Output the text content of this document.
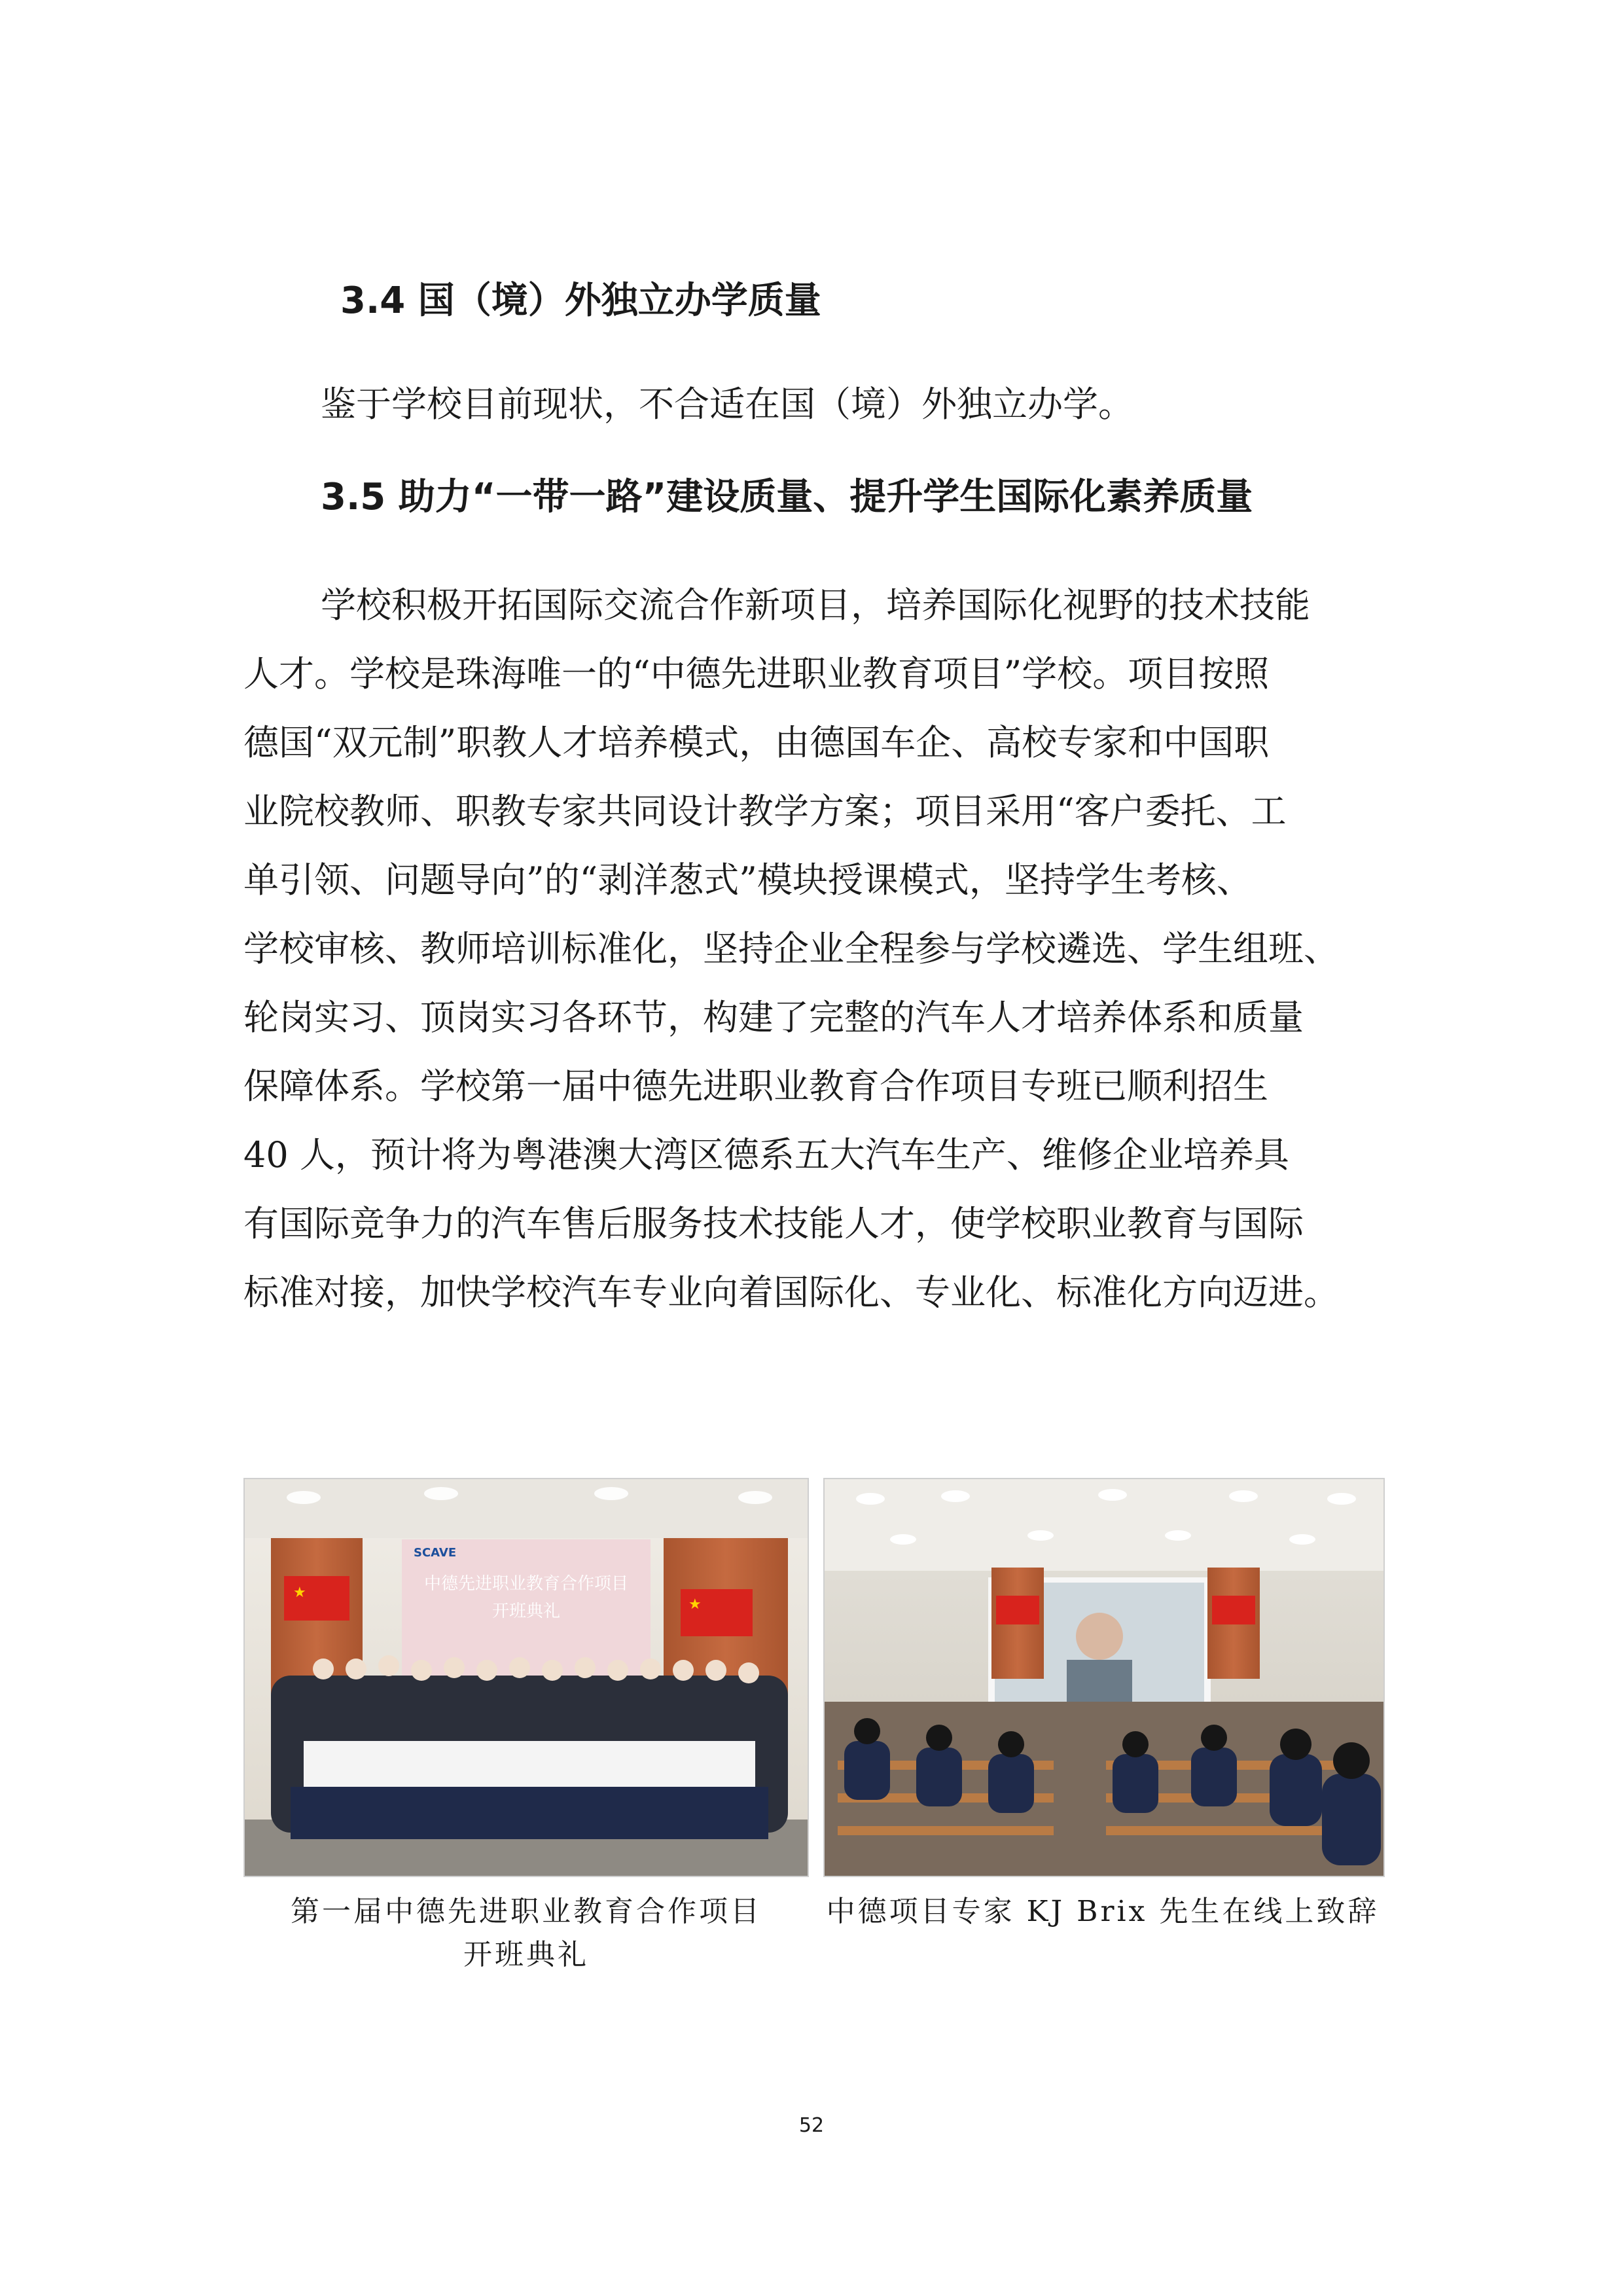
3.4 国（境）外独立办学质量
鉴于学校目前现状，不合适在国（境）外独立办学。
3.5 助力“一带一路”建设质量、提升学生国际化素养质量
学校积极开拓国际交流合作新项目，培养国际化视野的技术技能
人才。学校是珠海唯一的“中德先进职业教育项目”学校。项目按照
德国“双元制”职教人才培养模式，由德国车企、高校专家和中国职
业院校教师、职教专家共同设计教学方案；项目采用“客户委托、工
单引领、问题导向”的“剥洋葱式”模块授课模式，坚持学生考核、
学校审核、教师培训标准化，坚持企业全程参与学校遴选、学生组班、
轮岗实习、顶岗实习各环节，构建了完整的汽车人才培养体系和质量
保障体系。学校第一届中德先进职业教育合作项目专班已顺利招生
40 人，预计将为粤港澳大湾区德系五大汽车生产、维修企业培养具
有国际竞争力的汽车售后服务技术技能人才，使学校职业教育与国际
标准对接，加快学校汽车专业向着国际化、专业化、标准化方向迈进。
★
★
SCAVE
中德先进职业教育合作项目
开班典礼
第一届中德先进职业教育合作项目
开班典礼
中德项目专家 KJ Brix 先生在线上致辞
52
